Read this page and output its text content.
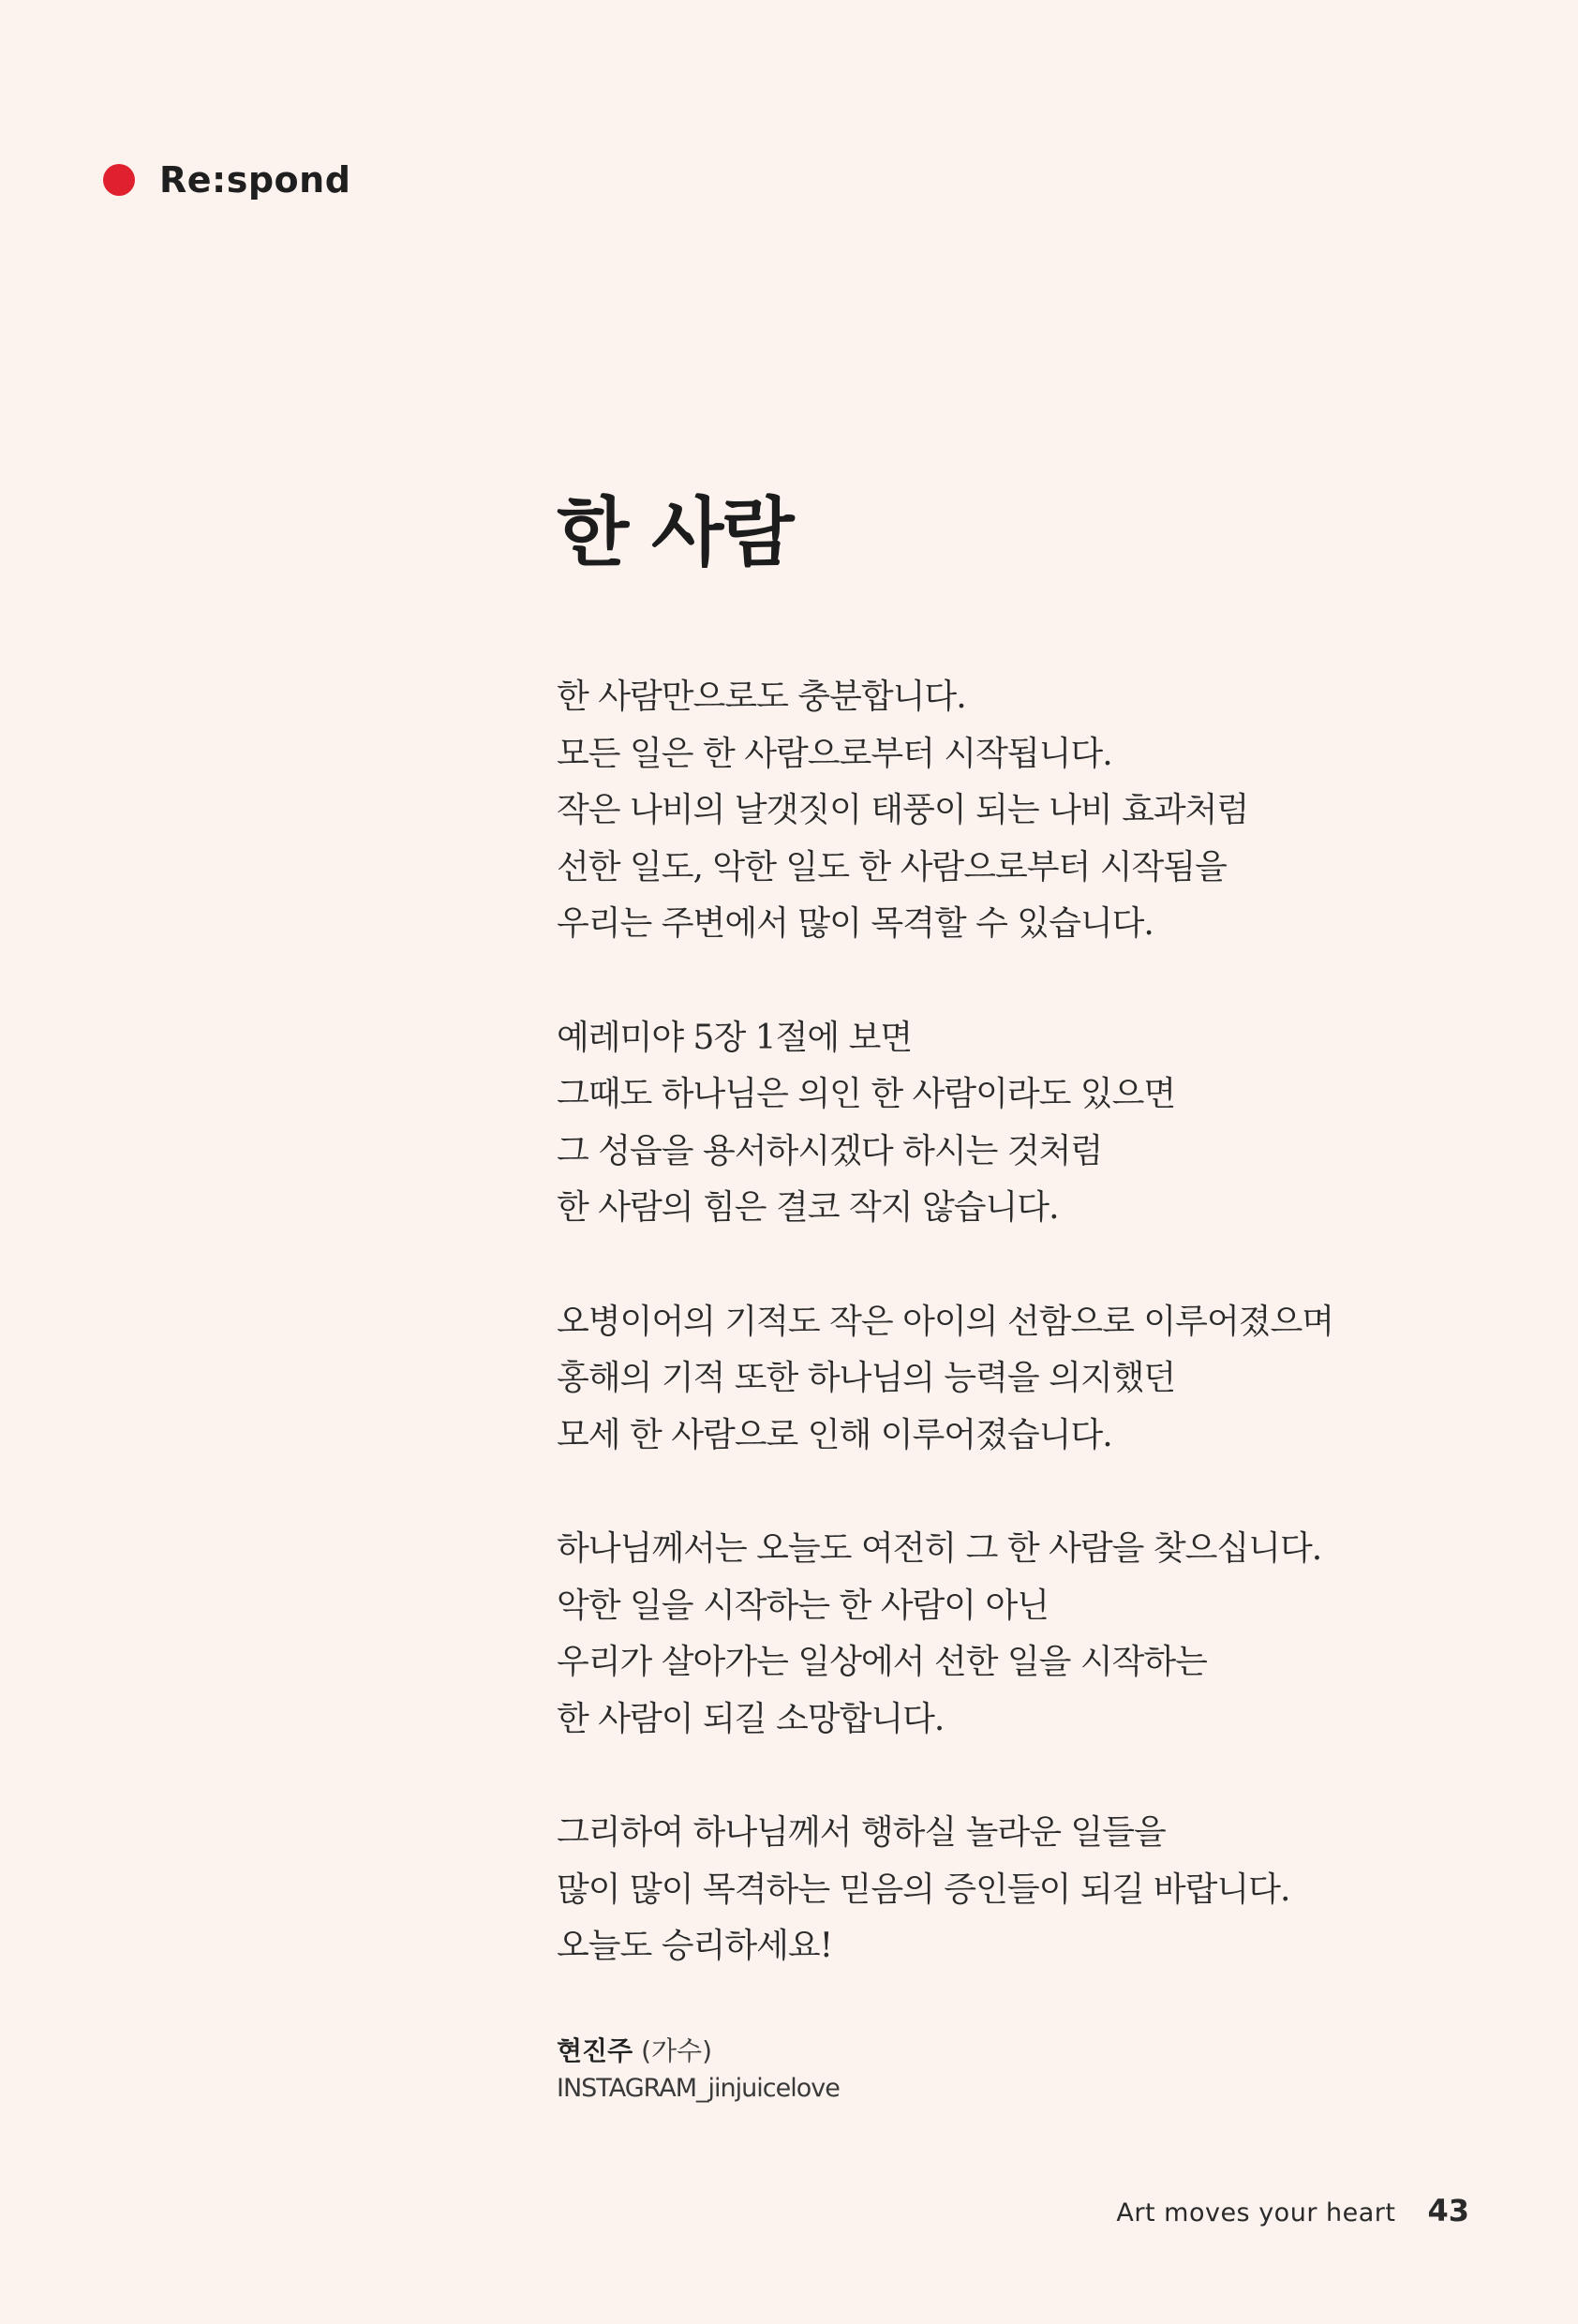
Re:spond
한 사람
한 사람만으로도 충분합니다.
모든 일은 한 사람으로부터 시작됩니다.
작은 나비의 날갯짓이 태풍이 되는 나비 효과처럼
선한 일도, 악한 일도 한 사람으로부터 시작됨을
우리는 주변에서 많이 목격할 수 있습니다.
예레미야 5장 1절에 보면
그때도 하나님은 의인 한 사람이라도 있으면
그 성읍을 용서하시겠다 하시는 것처럼
한 사람의 힘은 결코 작지 않습니다.
오병이어의 기적도 작은 아이의 선함으로 이루어졌으며
홍해의 기적 또한 하나님의 능력을 의지했던
모세 한 사람으로 인해 이루어졌습니다.
하나님께서는 오늘도 여전히 그 한 사람을 찾으십니다.
악한 일을 시작하는 한 사람이 아닌
우리가 살아가는 일상에서 선한 일을 시작하는
한 사람이 되길 소망합니다.
그리하여 하나님께서 행하실 놀라운 일들을
많이 많이 목격하는 믿음의 증인들이 되길 바랍니다.
오늘도 승리하세요!
현진주 (가수)
INSTAGRAM_jinjuicelove
Art moves your heart 43
